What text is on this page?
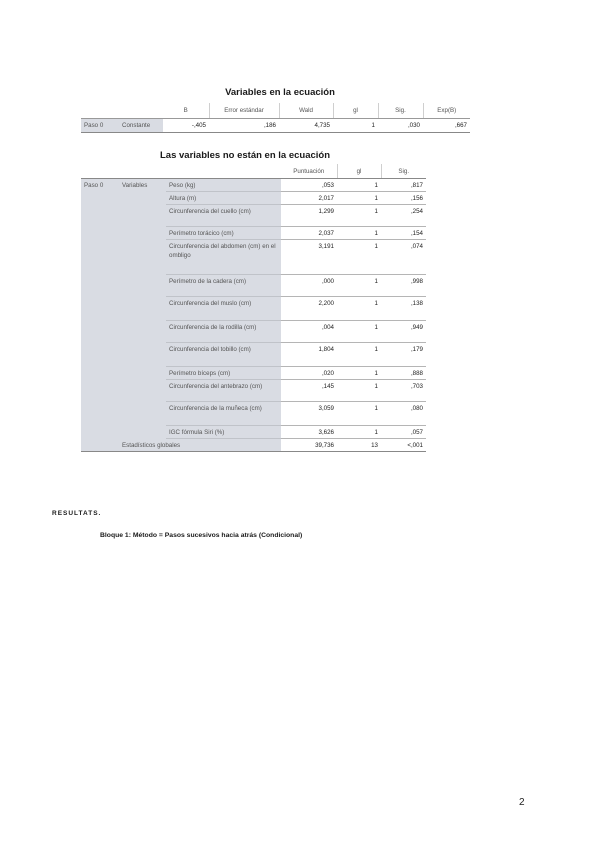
Variables en la ecuación
		B	Error estándar	Wald	gl	Sig.	Exp(B)
Paso 0	Constante	-,405	,186	4,735	1	,030	,667
Las variables no están en la ecuación
			Puntuación	gl	Sig.
Paso 0	Variables	Peso (kg)	,053	1	,817
		Altura (m)	2,017	1	,156
		Circunferencia del cuello (cm)	1,299	1	,254
		Perímetro torácico (cm)	2,037	1	,154
		Circunferencia del abdomen (cm) en el ombligo	3,191	1	,074
		Perímetro de la cadera (cm)	,000	1	,998
		Circunferencia del muslo (cm)	2,200	1	,138
		Circunferencia de la rodilla (cm)	,004	1	,949
		Circunferencia del tobillo (cm)	1,804	1	,179
		Perímetro bíceps (cm)	,020	1	,888
		Circunferencia del antebrazo (cm)	,145	1	,703
		Circunferencia de la muñeca (cm)	3,059	1	,080
		IGC fórmula Siri (%)	3,626	1	,057
	Estadísticos globales		39,736	13	<,001
RESULTATS.
Bloque 1: Método = Pasos sucesivos hacia atrás (Condicional)
2
